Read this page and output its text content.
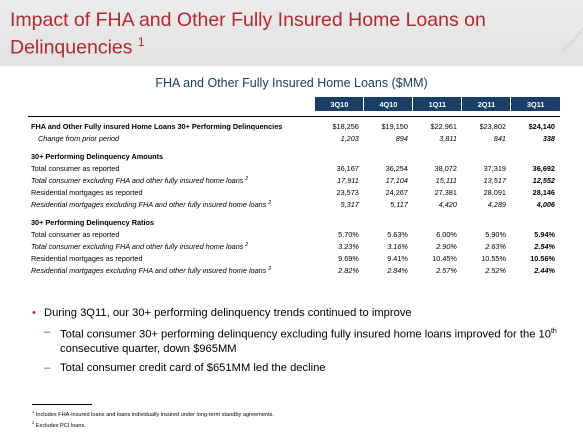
Impact of FHA and Other Fully Insured Home Loans on Delinquencies $^1$
FHA and Other Fully Insured Home Loans ($MM)
	3Q10	4Q10	1Q11	2Q11	3Q11

FHA and Other Fully insured Home Loans 30+ Performing Delinquencies	$18,256	$19,150	$22,961	$23,802	$24,140
Change from prior period	1,203	894	3,811	841	338

30+ Performing Delinquency Amounts					
Total consumer as reported	36,167	36,254	38,072	37,319	36,692
Total consumer excluding FHA and other fully insured home loans $^2$	17,911	17,104	15,111	13,517	12,552
Residential mortgages as reported	23,573	24,267	27,381	28,091	28,146
Residential mortgages excluding FHA and other fully insured home loans $^2$	5,317	5,117	4,420	4,289	4,006

30+ Performing Delinquency Ratios					
Total consumer as reported	5.70%	5.63%	6.00%	5.90%	5.94%
Total consumer excluding FHA and other fully insured home loans $^2$	3.23%	3.16%	2.90%	2.63%	2.54%
Residential mortgages as reported	9.69%	9.41%	10.45%	10.55%	10.56%
Residential mortgages excluding FHA and other fully insured home loans $^2$	2.82%	2.84%	2.57%	2.52%	2.44%
• During 3Q11, our 30+ performing delinquency trends continued to improve
– Total consumer 30+ performing delinquency excluding fully insured home loans improved for the 10th consecutive quarter, down $965MM
– Total consumer credit card of $651MM led the decline
$^1$ Includes FHA-insured loans and loans individually insured under long-term standby agreements.
$^2$ Excludes PCI loans.
